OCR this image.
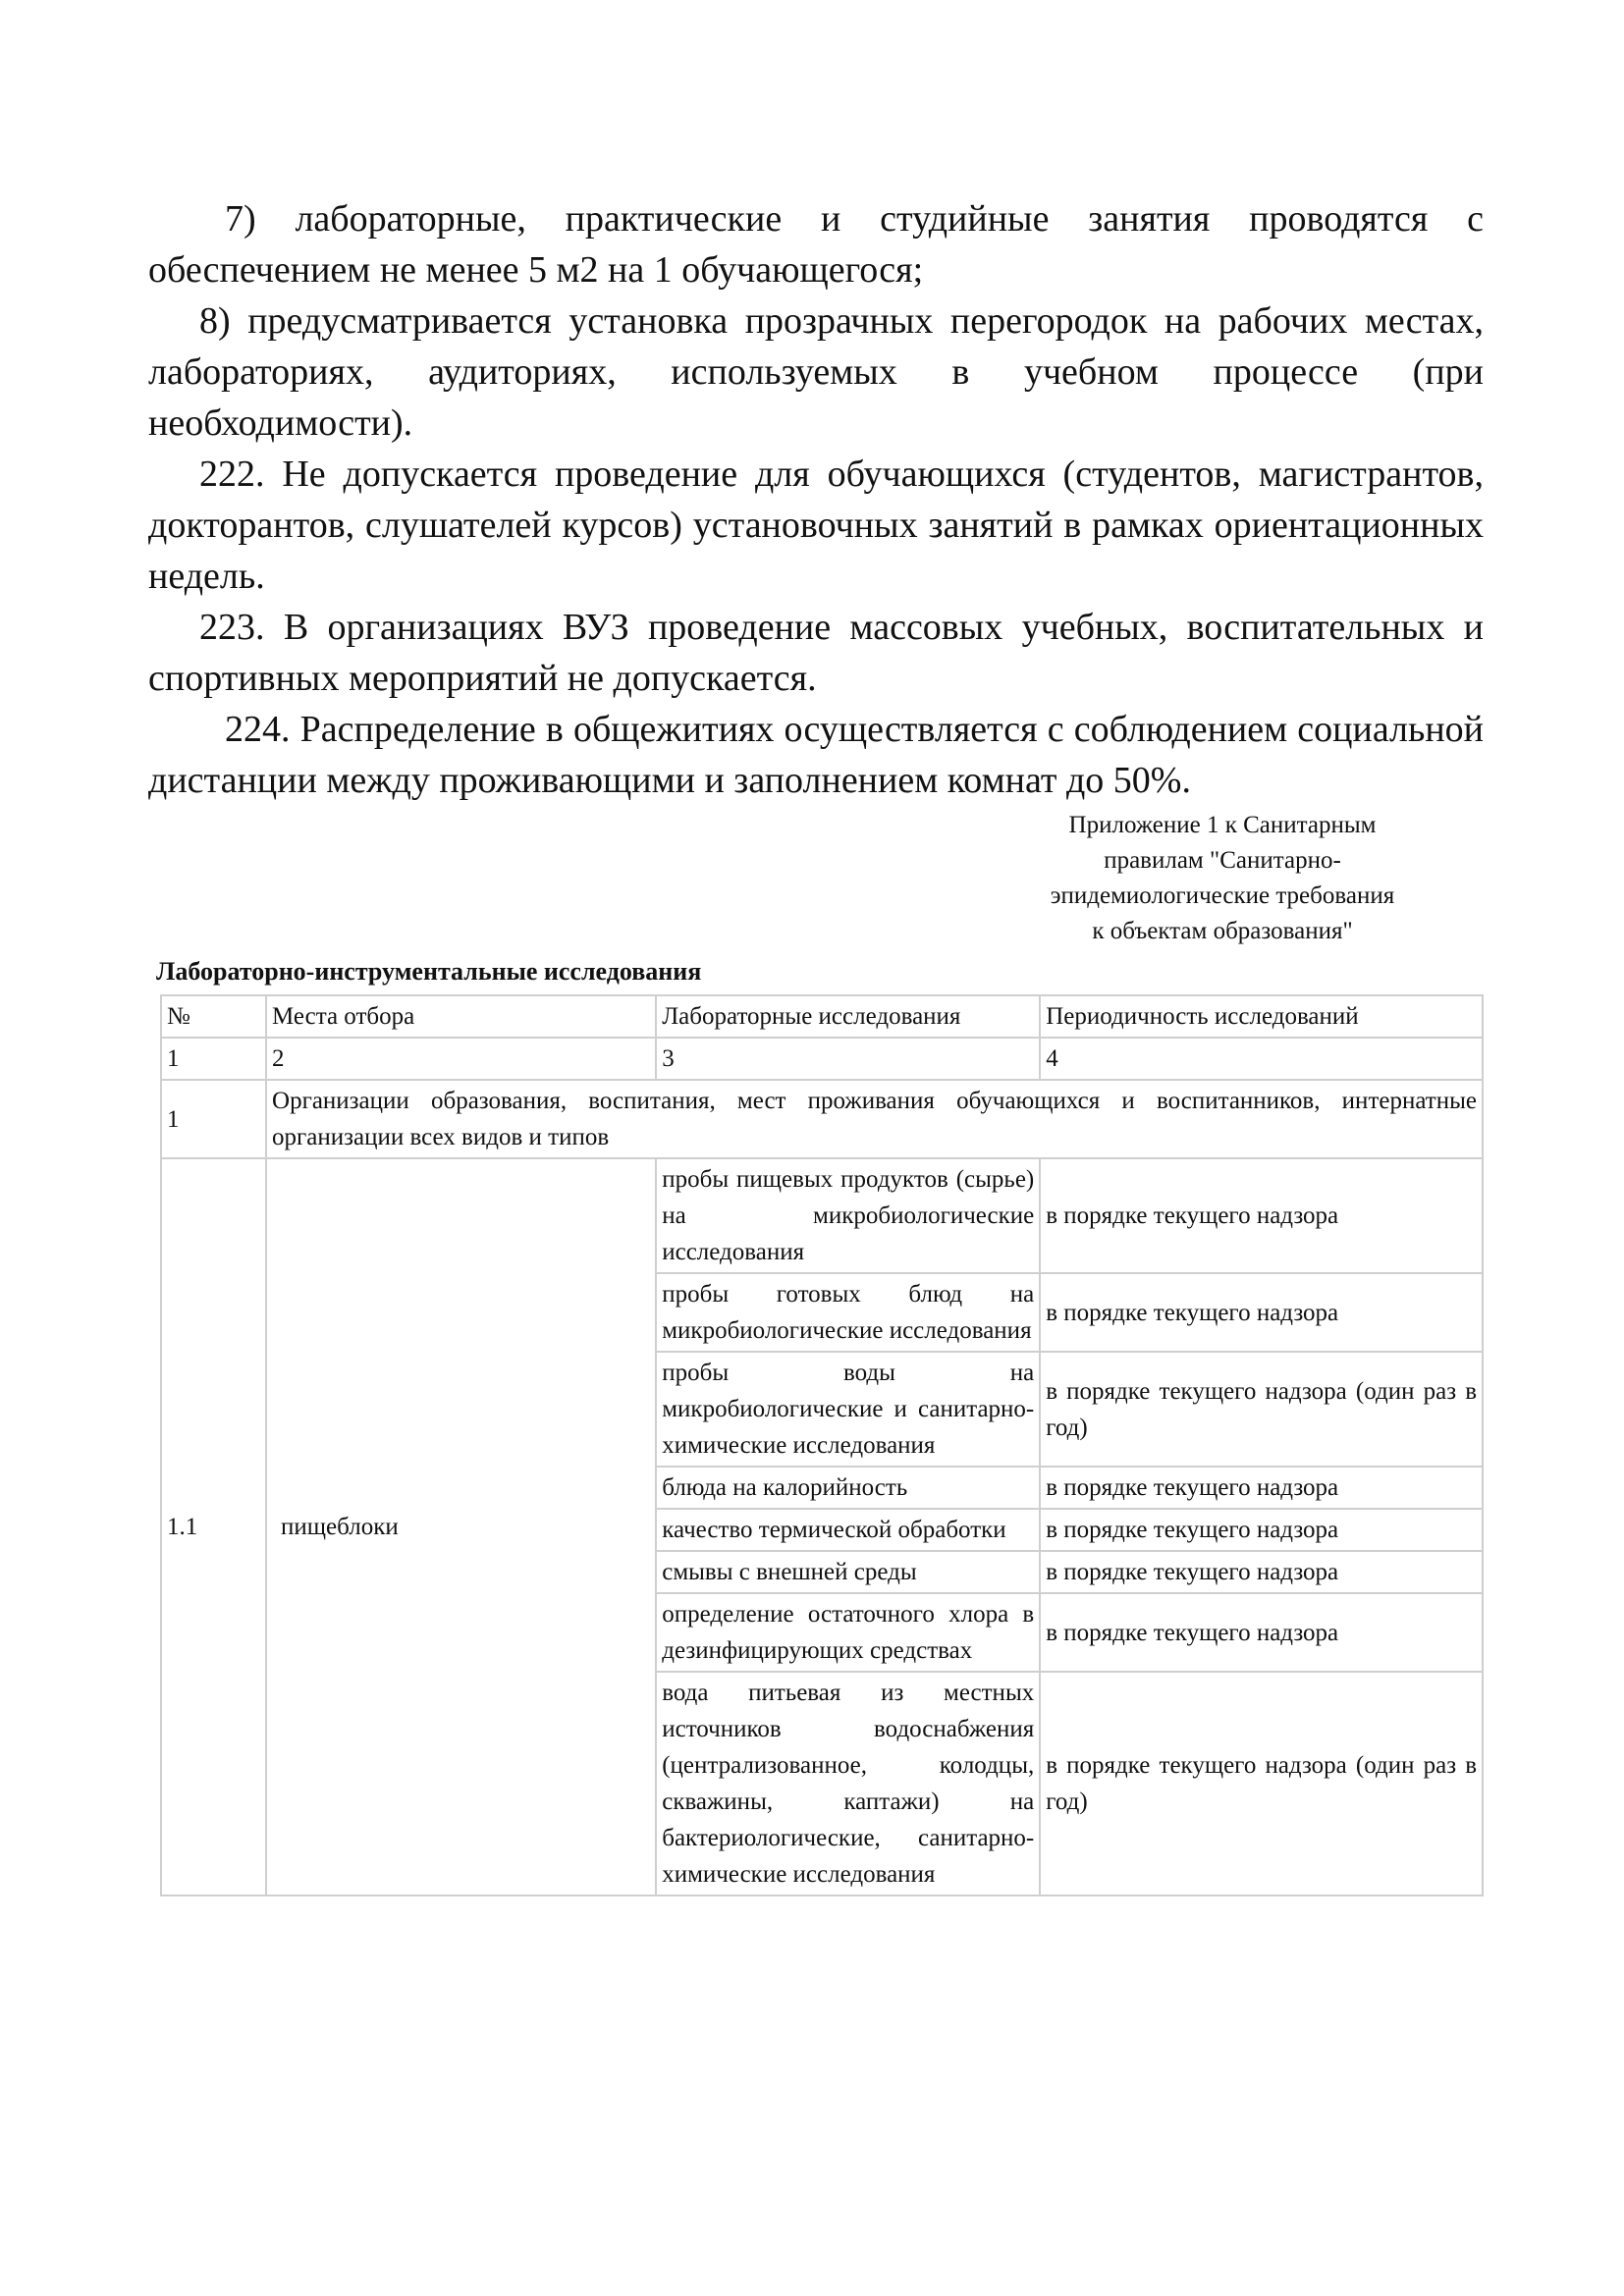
7) лабораторные, практические и студийные занятия проводятся с обеспечением не менее 5 м2 на 1 обучающегося;

8) предусматривается установка прозрачных перегородок на рабочих местах, лабораториях, аудиториях, используемых в учебном процессе (при необходимости).

222. Не допускается проведение для обучающихся (студентов, магистрантов, докторантов, слушателей курсов) установочных занятий в рамках ориентационных недель.

223. В организациях ВУЗ проведение массовых учебных, воспитательных и спортивных мероприятий не допускается.

224. Распределение в общежитиях осуществляется с соблюдением социальной дистанции между проживающими и заполнением комнат до 50%.

Приложение 1 к Санитарным
правилам "Санитарно-
эпидемиологические требования
к объектам образования"
Лабораторно-инструментальные исследования
№	Места отбора	Лабораторные исследования	Периодичность исследований
1	2	3	4
1	Организации образования, воспитания, мест проживания обучающихся и воспитанников, интернатные организации всех видов и типов		
1.1	пищеблоки	пробы пищевых продуктов (сырье) на микробиологические исследования	в порядке текущего надзора
		пробы готовых блюд на микробиологические исследования	в порядке текущего надзора
		пробы воды на микробиологические и санитарно-химические исследования	в порядке текущего надзора (один раз в год)
		блюда на калорийность	в порядке текущего надзора
		качество термической обработки	в порядке текущего надзора
		смывы с внешней среды	в порядке текущего надзора
		определение остаточного хлора в дезинфицирующих средствах	в порядке текущего надзора
		вода питьевая из местных источников водоснабжения (централизованное, колодцы, скважины, каптажи) на бактериологические, санитарно-химические исследования	в порядке текущего надзора (один раз в год)
